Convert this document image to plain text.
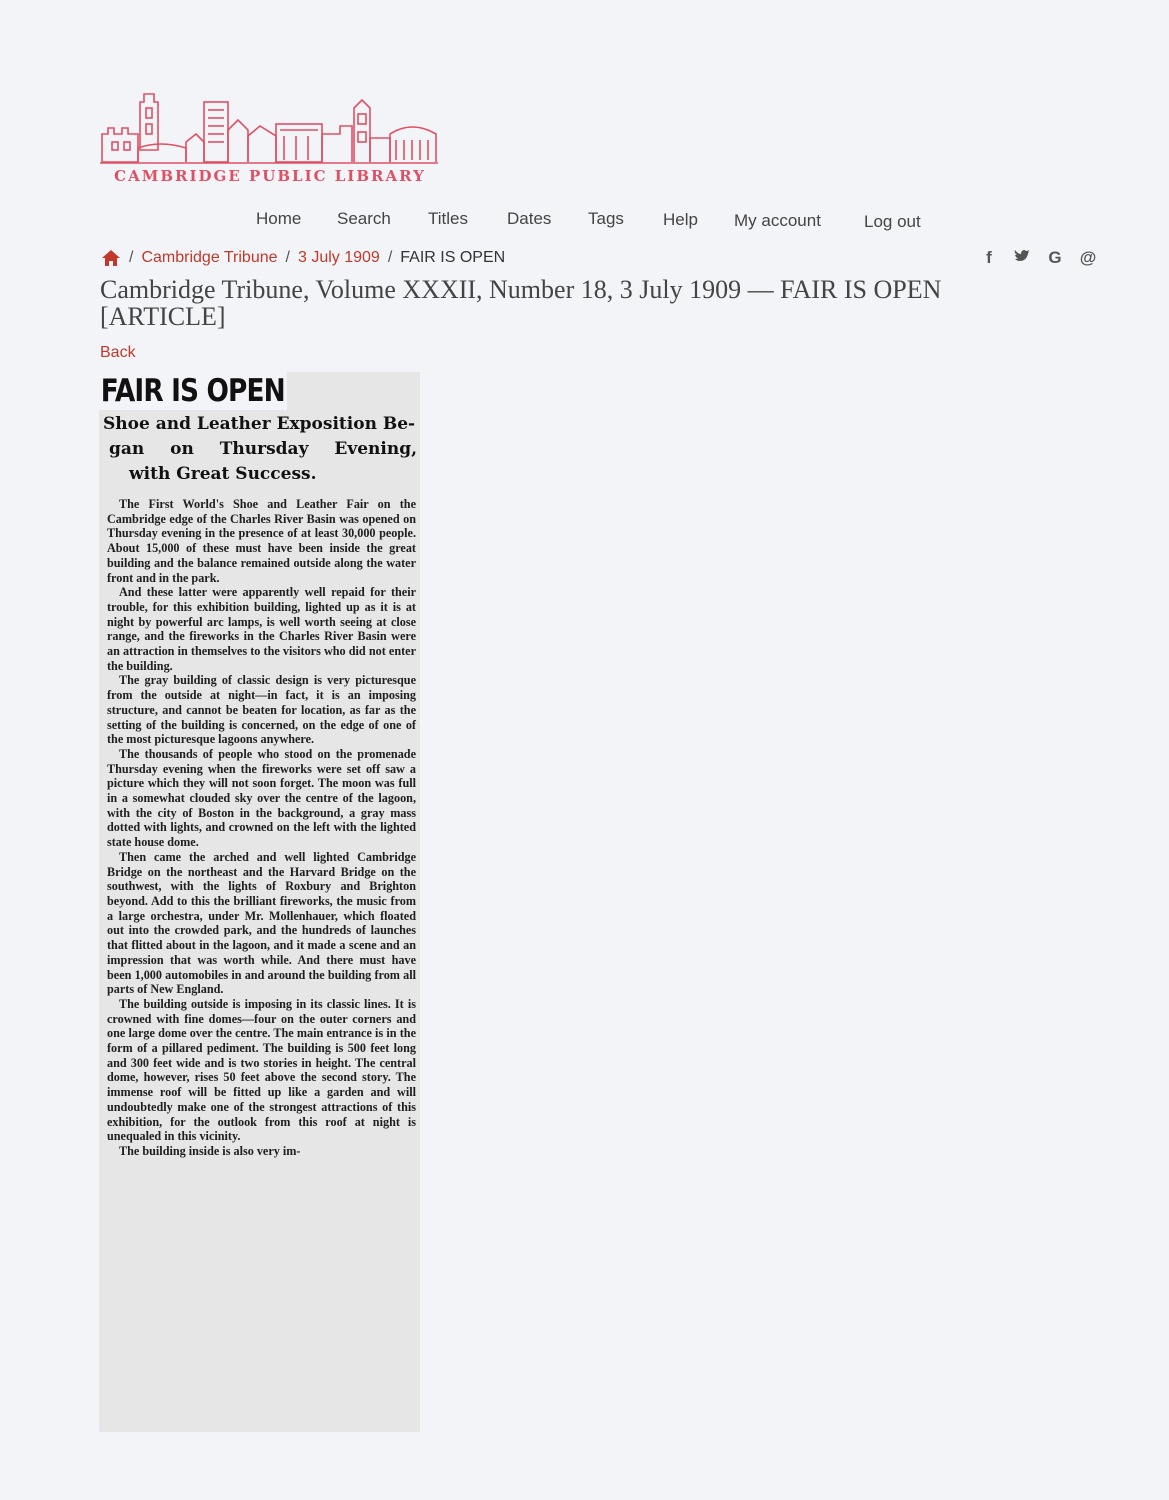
CAMBRIDGE PUBLIC LIBRARY
Home Search Titles Dates Tags Help My account	Log out
/ Cambridge Tribune / 3 July 1909 / FAIR IS OPEN	f	G @
Cambridge Tribune, Volume XXXII, Number 18, 3 July 1909 — FAIR IS OPEN [ARTICLE]
Back
FAIR IS OPEN
Shoe and Leather Exposition Be-
gan on Thursday Evening,
with Great Success.

The First World's Shoe and Leather Fair on the Cambridge edge of the Charles River Basin was opened on Thursday evening in the presence of at least 30,000 people. About 15,000 of these must have been inside the great building and the balance remained outside along the water front and in the park.

And these latter were apparently well repaid for their trouble, for this exhibition building, lighted up as it is at night by powerful arc lamps, is well worth seeing at close range, and the fireworks in the Charles River Basin were an attraction in themselves to the visitors who did not enter the building.

The gray building of classic design is very picturesque from the outside at night—in fact, it is an imposing structure, and cannot be beaten for location, as far as the setting of the building is concerned, on the edge of one of the most picturesque lagoons anywhere.

The thousands of people who stood on the promenade Thursday evening when the fireworks were set off saw a picture which they will not soon forget. The moon was full in a somewhat clouded sky over the centre of the lagoon, with the city of Boston in the background, a gray mass dotted with lights, and crowned on the left with the lighted state house dome.

Then came the arched and well lighted Cambridge Bridge on the northeast and the Harvard Bridge on the southwest, with the lights of Roxbury and Brighton beyond. Add to this the brilliant fireworks, the music from a large orchestra, under Mr. Mollenhauer, which floated out into the crowded park, and the hundreds of launches that flitted about in the lagoon, and it made a scene and an impression that was worth while. And there must have been 1,000 automobiles in and around the building from all parts of New England.

The building outside is imposing in its classic lines. It is crowned with fine domes—four on the outer corners and one large dome over the centre. The main entrance is in the form of a pillared pediment. The building is 500 feet long and 300 feet wide and is two stories in height. The central dome, however, rises 50 feet above the second story. The immense roof will be fitted up like a garden and will undoubtedly make one of the strongest attractions of this exhibition, for the outlook from this roof at night is unequaled in this vicinity.

The building inside is also very im-
